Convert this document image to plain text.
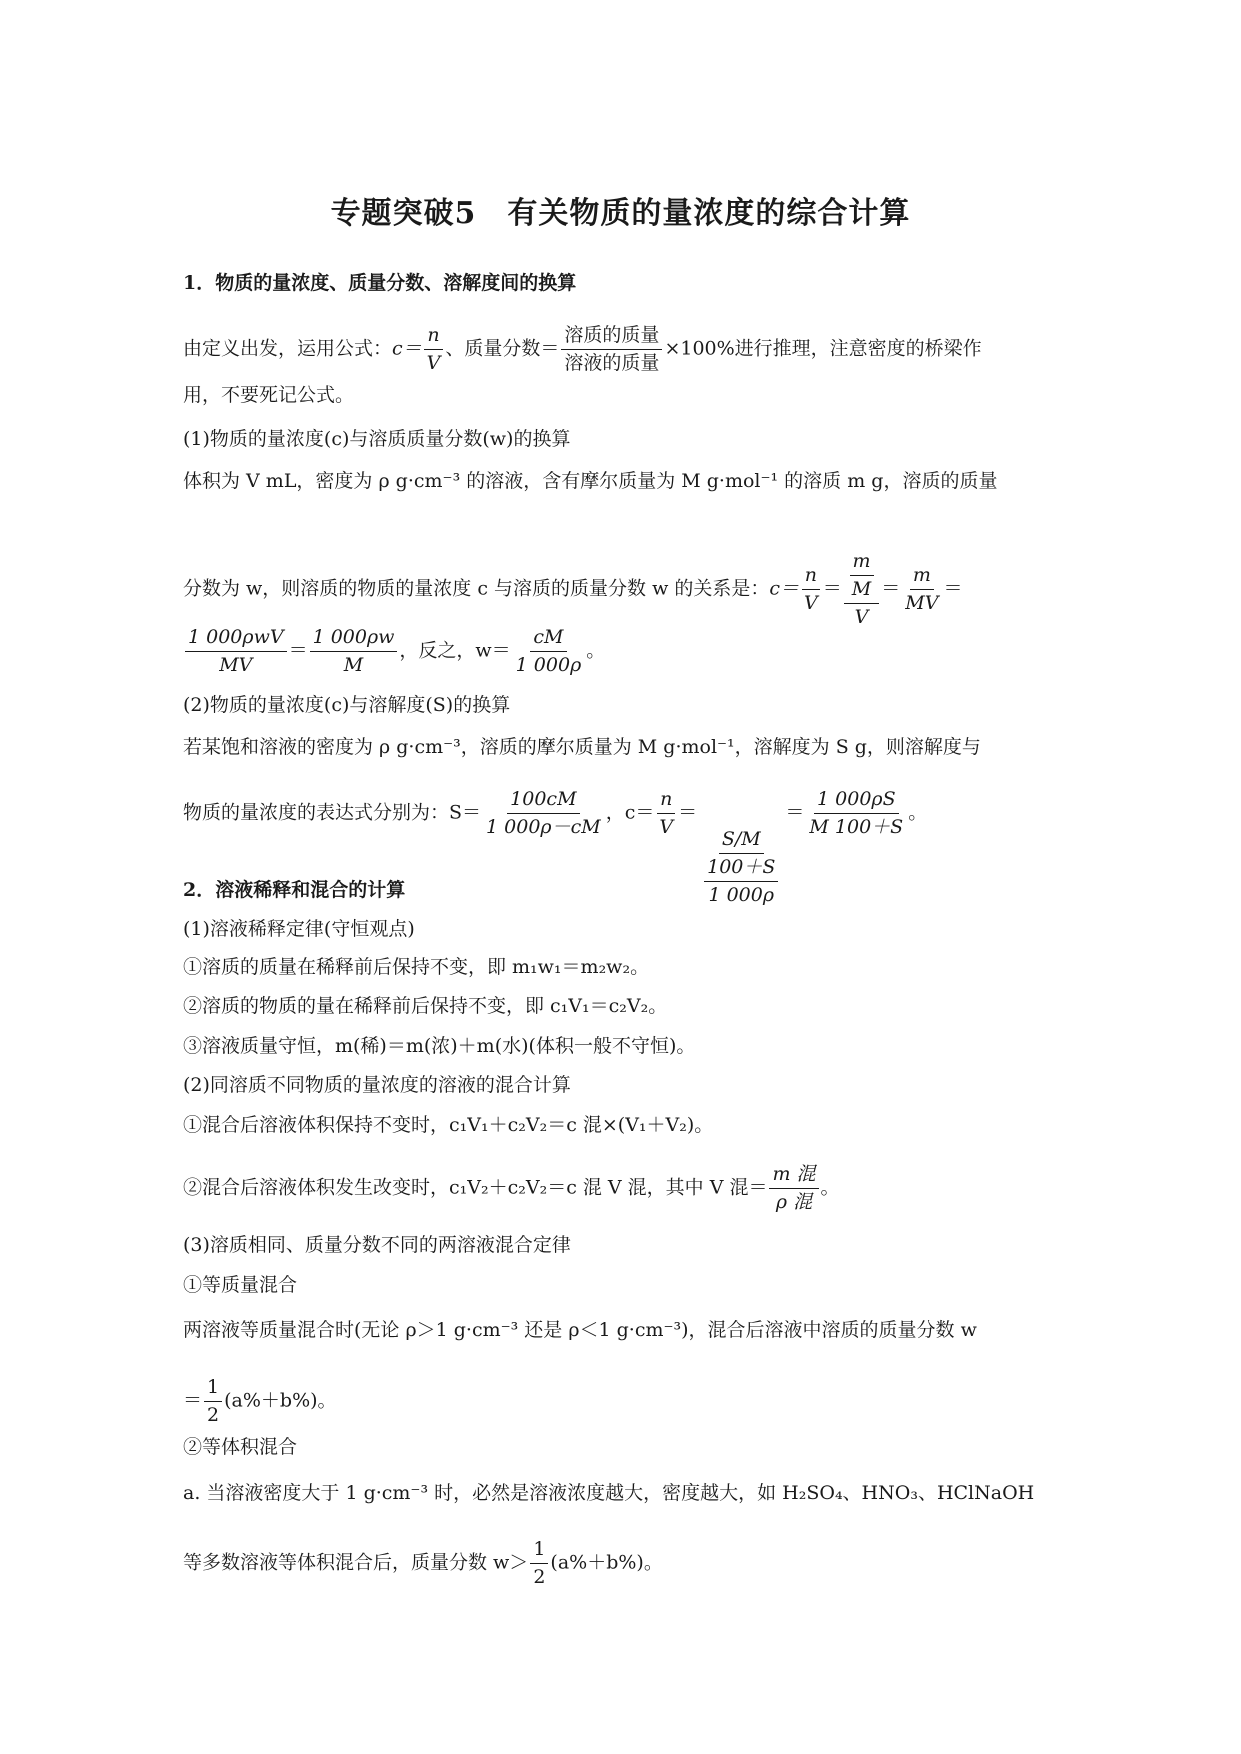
专题突破5　有关物质的量浓度的综合计算
1．物质的量浓度、质量分数、溶解度间的换算
由定义出发，运用公式：$c= \frac{n}{V}$ 、质量分数＝ $\frac{\text{溶质的质量}}{\text{溶液的质量}} \times 100\%$进行推理，注意密度的桥梁作
用，不要死记公式。
(1)物质的量浓度(c)与溶质质量分数(w)的换算
体积为 V mL，密度为 ρ g·cm⁻³ 的溶液，含有摩尔质量为 M g·mol⁻¹ 的溶质 m g，溶质的质量
分数为 w，则溶质的物质的量浓度 c 与溶质的质量分数 w 的关系是：$c= \frac{n}{V} = \frac{\frac{m}{M}}{V} = \frac{m}{MV}$ ＝
$\frac{\text{1 000ρwV}}{MV} = \frac{1 000\rho w}{M}$ ，反之，$w= \frac{cM}{1 000\rho}$ 。
(2)物质的量浓度(c)与溶解度(S)的换算
若某饱和溶液的密度为 ρ g·cm⁻³，溶质的摩尔质量为 M g·mol⁻¹，溶解度为 S g，则溶解度与
物质的量浓度的表达式分别为：$S= \frac{100cM}{1 000\rho-cM}$ ，$c= \frac{n}{V}$ ＝
$\frac{S/M}{\frac{100+S}{1 000\rho}}$
＝ $\frac{1 000\rho S}{M 100+S}$ 。
2．溶液稀释和混合的计算
(1)溶液稀释定律(守恒观点)
①溶质的质量在稀释前后保持不变，即 m₁w₁＝m₂w₂。
②溶质的物质的量在稀释前后保持不变，即 c₁V₁＝c₂V₂。
③溶液质量守恒，m(稀)＝m(浓)＋m(水)(体积一般不守恒)。
(2)同溶质不同物质的量浓度的溶液的混合计算
①混合后溶液体积保持不变时，c₁V₁＋c₂V₂＝c 混×(V₁＋V₂)。
②混合后溶液体积发生改变时，c₁V₂＋c₂V₂＝c 混 V 混，其中 V 混＝ $\frac{\text{m 混}}{\text{ρ 混}}$ 。
(3)溶质相同、质量分数不同的两溶液混合定律
①等质量混合
两溶液等质量混合时(无论 ρ＞1 g·cm⁻³ 还是 ρ＜1 g·cm⁻³)，混合后溶液中溶质的质量分数 w
＝ $\frac{1}{2} (a\%+b\%)$。
②等体积混合
a. 当溶液密度大于 1 g·cm⁻³ 时，必然是溶液浓度越大，密度越大，如 H₂SO₄、HNO₃、HClNaOH
等多数溶液等体积混合后，质量分数 $w> \frac{1}{2} (a\%+b\%)$。
